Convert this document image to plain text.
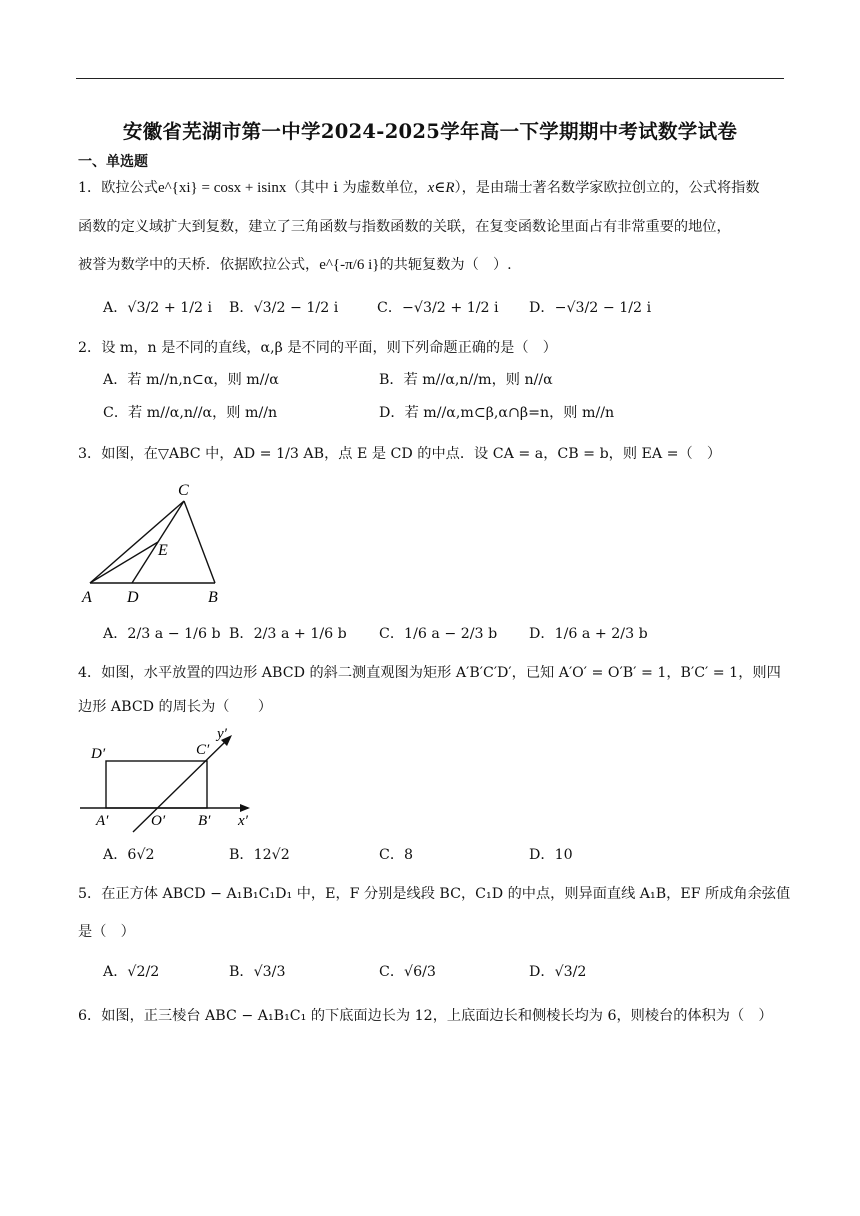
安徽省芜湖市第一中学2024-2025学年高一下学期期中考试数学试卷
一、单选题
1．欧拉公式e^{xi} = cosx + isinx（其中 i 为虚数单位，x∈R），是由瑞士著名数学家欧拉创立的，公式将指数
函数的定义域扩大到复数，建立了三角函数与指数函数的关联，在复变函数论里面占有非常重要的地位，
被誉为数学中的天桥．依据欧拉公式，e^{-π/6 i}的共轭复数为（　）.
A．√3/2 + 1/2 i B．√3/2 − 1/2 i	C．−√3/2 + 1/2 i D．−√3/2 − 1/2 i
2．设 m，n 是不同的直线，α,β 是不同的平面，则下列命题正确的是（　）
A．若 m//n,n⊂α，则 m//α	B．若 m//α,n//m，则 n//α
C．若 m//α,n//α，则 m//n	D．若 m//α,m⊂β,α∩β=n，则 m//n
3．如图，在▽ABC 中，AD = 1/3 AB，点 E 是 CD 的中点．设 CA = a，CB = b，则 EA =（　）
C
E
A D	B
A．2/3 a − 1/6 b B．2/3 a + 1/6 b C．1/6 a − 2/3 b D．1/6 a + 2/3 b
4．如图，水平放置的四边形 ABCD 的斜二测直观图为矩形 A′B′C′D′，已知 A′O′ = O′B′ = 1，B′C′ = 1，则四
边形 ABCD 的周长为（　　）
D′	C′
y′
A′	O′ B′ x′
A．6√2	B．12√2	C．8	D．10
5．在正方体 ABCD − A₁B₁C₁D₁ 中，E，F 分别是线段 BC，C₁D 的中点，则异面直线 A₁B，EF 所成角余弦值
是（　）
A．√2/2	B．√3/3	C．√6/3	D．√3/2
6．如图，正三棱台 ABC − A₁B₁C₁ 的下底面边长为 12，上底面边长和侧棱长均为 6，则棱台的体积为（　）
